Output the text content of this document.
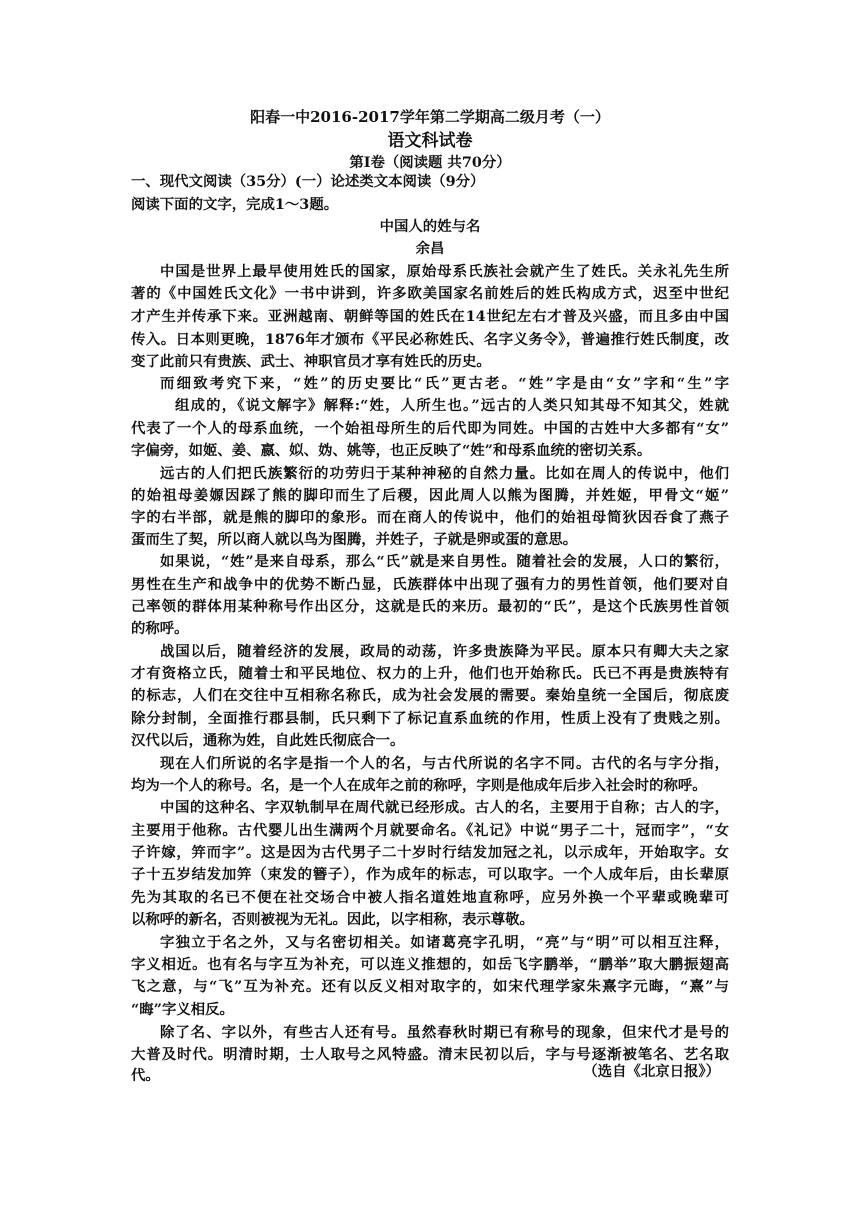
阳春一中2016-2017学年第二学期高二级月考（一）
语文科试卷
第Ⅰ卷（阅读题 共70分）
一、现代文阅读（35分）(一）论述类文本阅读（9分）
阅读下面的文字，完成1～3题。
中国人的姓与名
余昌
中国是世界上最早使用姓氏的国家，原始母系氏族社会就产生了姓氏。关永礼先生所
著的《中国姓氏文化》一书中讲到，许多欧美国家名前姓后的姓氏构成方式，迟至中世纪
才产生并传承下来。亚洲越南、朝鲜等国的姓氏在14世纪左右才普及兴盛，而且多由中国
传入。日本则更晚，1876年才颁布《平民必称姓氏、名字义务令》，普遍推行姓氏制度，改
变了此前只有贵族、武士、神职官员才享有姓氏的历史。
而细致考究下来，“姓”的历史要比“氏”更古老。“姓”字是由“女”字和“生”字
组成的，《说文解字》解释:“姓，人所生也。”远古的人类只知其母不知其父，姓就
代表了一个人的母系血统，一个始祖母所生的后代即为同姓。中国的古姓中大多都有“女”
字偏旁，如姬、姜、嬴、姒、妫、姚等，也正反映了“姓”和母系血统的密切关系。
远古的人们把氏族繁衍的功劳归于某种神秘的自然力量。比如在周人的传说中，他们
的始祖母姜嫄因踩了熊的脚印而生了后稷，因此周人以熊为图腾，并姓姬，甲骨文“姬”
字的右半部，就是熊的脚印的象形。而在商人的传说中，他们的始祖母简狄因吞食了燕子
蛋而生了契，所以商人就以鸟为图腾，并姓子，子就是卵或蛋的意思。
如果说，“姓”是来自母系，那么“氏”就是来自男性。随着社会的发展，人口的繁衍，
男性在生产和战争中的优势不断凸显，氏族群体中出现了强有力的男性首领，他们要对自
己率领的群体用某种称号作出区分，这就是氏的来历。最初的“氏”，是这个氏族男性首领
的称呼。
战国以后，随着经济的发展，政局的动荡，许多贵族降为平民。原本只有卿大夫之家
才有资格立氏，随着士和平民地位、权力的上升，他们也开始称氏。氏已不再是贵族特有
的标志，人们在交往中互相称名称氏，成为社会发展的需要。秦始皇统一全国后，彻底废
除分封制，全面推行郡县制，氏只剩下了标记直系血统的作用，性质上没有了贵贱之别。
汉代以后，通称为姓，自此姓氏彻底合一。
现在人们所说的名字是指一个人的名，与古代所说的名字不同。古代的名与字分指，
均为一个人的称号。名，是一个人在成年之前的称呼，字则是他成年后步入社会时的称呼。
中国的这种名、字双轨制早在周代就已经形成。古人的名，主要用于自称；古人的字，
主要用于他称。古代婴儿出生满两个月就要命名。《礼记》中说“男子二十，冠而字”，“女
子许嫁，笄而字”。这是因为古代男子二十岁时行结发加冠之礼，以示成年，开始取字。女
子十五岁结发加笄（束发的簪子），作为成年的标志，可以取字。一个人成年后，由长辈原
先为其取的名已不便在社交场合中被人指名道姓地直称呼，应另外换一个平辈或晚辈可
以称呼的新名，否则被视为无礼。因此，以字相称，表示尊敬。
字独立于名之外，又与名密切相关。如诸葛亮字孔明，“亮”与“明”可以相互注释，
字义相近。也有名与字互为补充，可以连义推想的，如岳飞字鹏举，“鹏举”取大鹏振翅高
飞之意，与“飞”互为补充。还有以反义相对取字的，如宋代理学家朱熹字元晦，“熹”与
“晦”字义相反。
除了名、字以外，有些古人还有号。虽然春秋时期已有称号的现象，但宋代才是号的
大普及时代。明清时期，士人取号之风特盛。清末民初以后，字与号逐渐被笔名、艺名取
代。	（选自《北京日报》）
